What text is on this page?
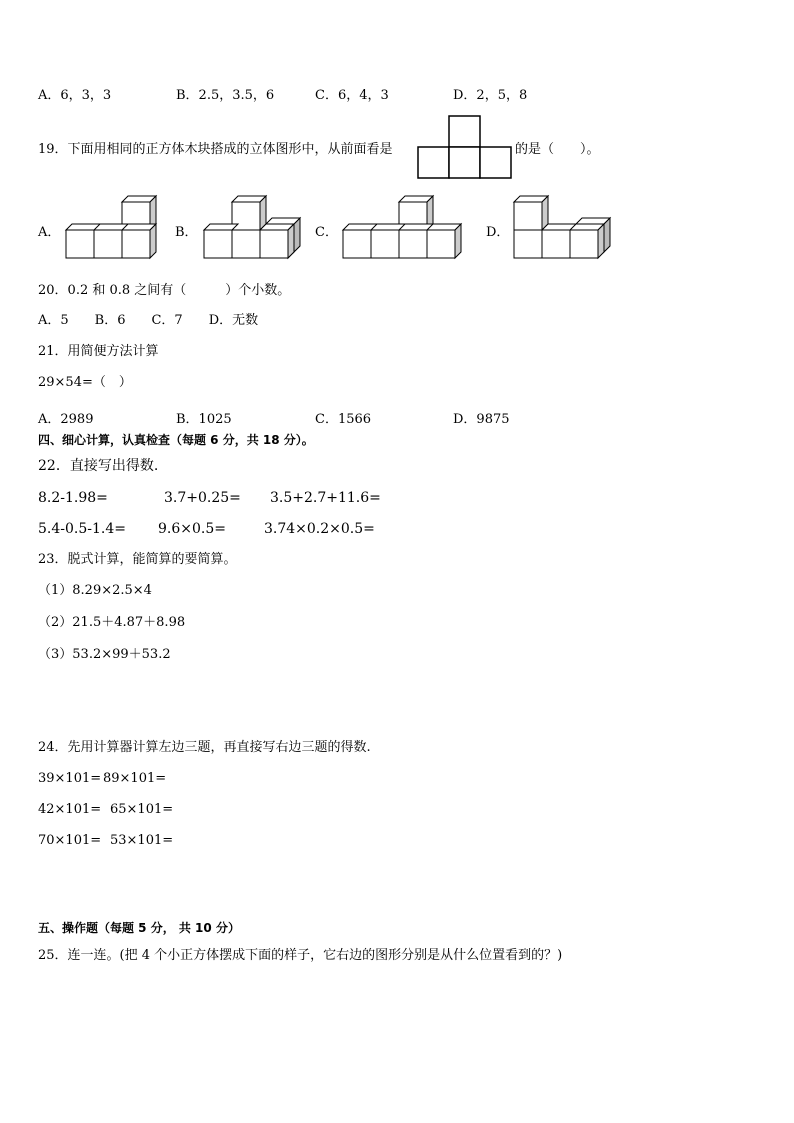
A．6，3，3	B．2.5，3.5，6	C．6，4，3	D．2，5，8
19．下面用相同的正方体木块搭成的立体图形中，从前面看是	的是（　　）。
A．	B．	C．	D．
20．0.2 和 0.8 之间有（　　　）个小数。
A．5　　B．6　　C．7　　D．无数
21．用简便方法计算
29×54=（　）
A．2989	B．1025	C．1566	D．9875
四、细心计算，认真检查（每题 6 分，共 18 分）。
22．直接写出得数.
8.2-1.98=	3.7+0.25= 3.5+2.7+11.6=
5.4-0.5-1.4= 9.6×0.5=	3.74×0.2×0.5=
23．脱式计算，能简算的要简算。
（1）8.29×2.5×4
（2）21.5＋4.87＋8.98
（3）53.2×99＋53.2
24．先用计算器计算左边三题，再直接写右边三题的得数.
39×101= 89×101=
42×101= 65×101=
70×101= 53×101=
五、操作题（每题 5 分， 共 10 分）
25．连一连。(把 4 个小正方体摆成下面的样子，它右边的图形分别是从什么位置看到的？)
